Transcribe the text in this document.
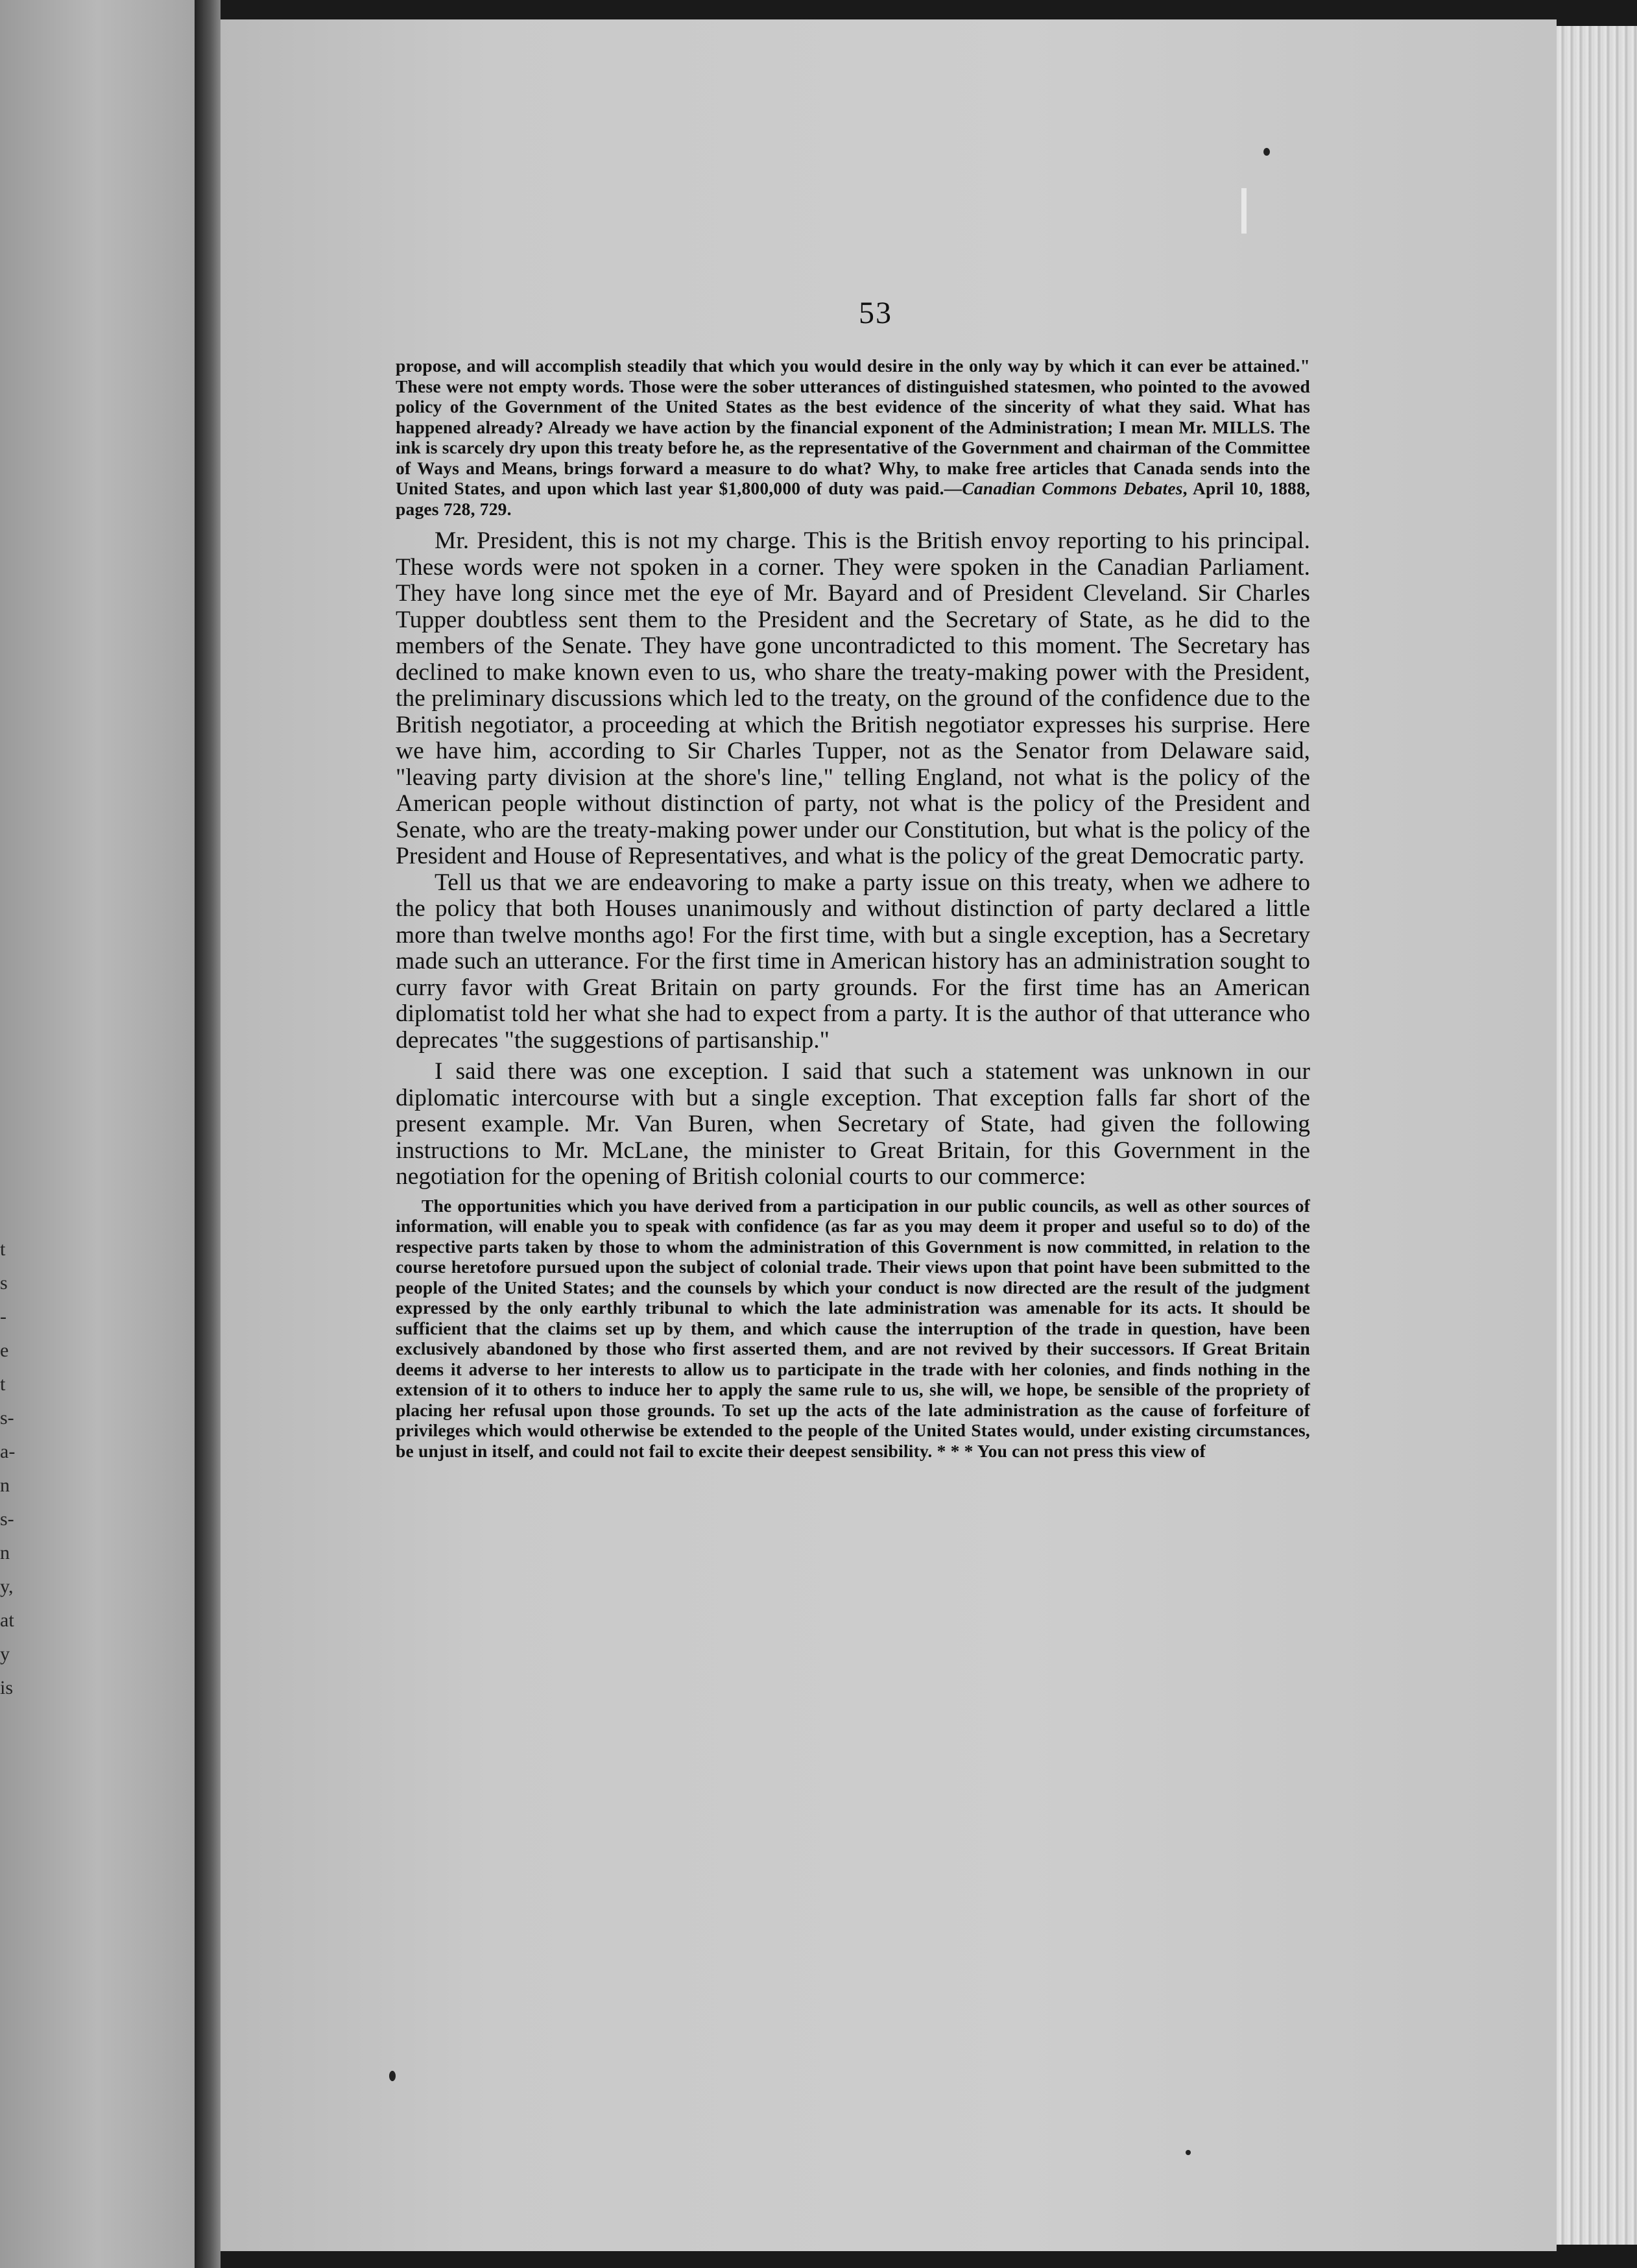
t
s
-
e
t
s-
a-
n
s-
n
y,
at
y
is
53

propose, and will accomplish steadily that which you would desire in the only way by which it can ever be attained." These were not empty words. Those were the sober utterances of distinguished statesmen, who pointed to the avowed policy of the Government of the United States as the best evidence of the sincerity of what they said. What has happened already? Already we have action by the financial exponent of the Administration; I mean Mr. MILLS. The ink is scarcely dry upon this treaty before he, as the representative of the Government and chairman of the Committee of Ways and Means, brings forward a measure to do what? Why, to make free articles that Canada sends into the United States, and upon which last year $1,800,000 of duty was paid.—Canadian Commons Debates, April 10, 1888, pages 728, 729.

Mr. President, this is not my charge. This is the British envoy reporting to his principal. These words were not spoken in a corner. They were spoken in the Canadian Parliament. They have long since met the eye of Mr. Bayard and of President Cleveland. Sir Charles Tupper doubtless sent them to the President and the Secretary of State, as he did to the members of the Senate. They have gone uncontradicted to this moment. The Secretary has declined to make known even to us, who share the treaty-making power with the President, the preliminary discussions which led to the treaty, on the ground of the confidence due to the British negotiator, a proceeding at which the British negotiator expresses his surprise. Here we have him, according to Sir Charles Tupper, not as the Senator from Delaware said, "leaving party division at the shore's line," telling England, not what is the policy of the American people without distinction of party, not what is the policy of the President and Senate, who are the treaty-making power under our Constitution, but what is the policy of the President and House of Representatives, and what is the policy of the great Democratic party.

Tell us that we are endeavoring to make a party issue on this treaty, when we adhere to the policy that both Houses unanimously and without distinction of party declared a little more than twelve months ago! For the first time, with but a single exception, has a Secretary made such an utterance. For the first time in American history has an administration sought to curry favor with Great Britain on party grounds. For the first time has an American diplomatist told her what she had to expect from a party. It is the author of that utterance who deprecates "the suggestions of partisanship."

I said there was one exception. I said that such a statement was unknown in our diplomatic intercourse with but a single exception. That exception falls far short of the present example. Mr. Van Buren, when Secretary of State, had given the following instructions to Mr. McLane, the minister to Great Britain, for this Government in the negotiation for the opening of British colonial courts to our commerce:

The opportunities which you have derived from a participation in our public councils, as well as other sources of information, will enable you to speak with confidence (as far as you may deem it proper and useful so to do) of the respective parts taken by those to whom the administration of this Government is now committed, in relation to the course heretofore pursued upon the subject of colonial trade. Their views upon that point have been submitted to the people of the United States; and the counsels by which your conduct is now directed are the result of the judgment expressed by the only earthly tribunal to which the late administration was amenable for its acts. It should be sufficient that the claims set up by them, and which cause the interruption of the trade in question, have been exclusively abandoned by those who first asserted them, and are not revived by their successors. If Great Britain deems it adverse to her interests to allow us to participate in the trade with her colonies, and finds nothing in the extension of it to others to induce her to apply the same rule to us, she will, we hope, be sensible of the propriety of placing her refusal upon those grounds. To set up the acts of the late administration as the cause of forfeiture of privileges which would otherwise be extended to the people of the United States would, under existing circumstances, be unjust in itself, and could not fail to excite their deepest sensibility. * * * You can not press this view of
